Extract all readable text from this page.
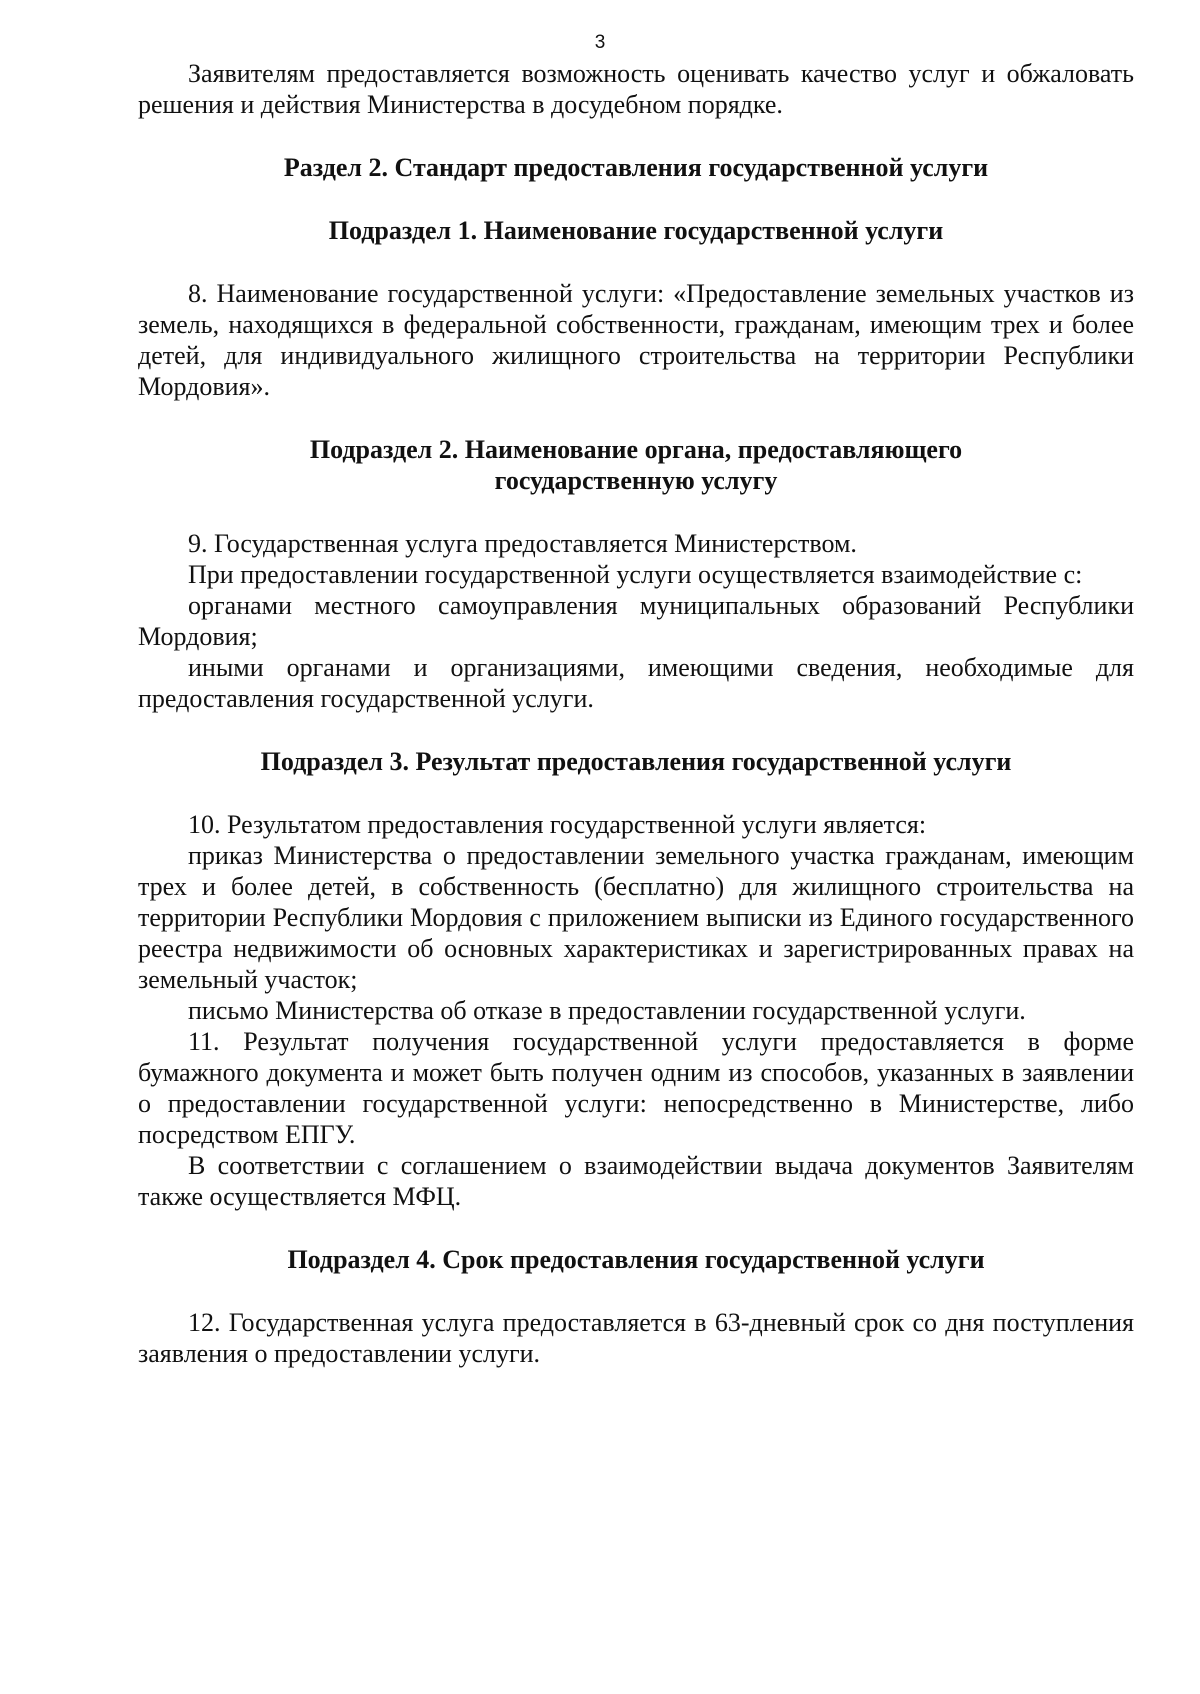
3

Заявителям предоставляется возможность оценивать качество услуг и обжаловать решения и действия Министерства в досудебном порядке.

Раздел 2. Стандарт предоставления государственной услуги
Подраздел 1. Наименование государственной услуги

8. Наименование государственной услуги: «Предоставление земельных участков из земель, находящихся в федеральной собственности, гражданам, имеющим трех и более детей, для индивидуального жилищного строительства на территории Республики Мордовия».

Подраздел 2. Наименование органа, предоставляющего
государственную услугу

9. Государственная услуга предоставляется Министерством.

При предоставлении государственной услуги осуществляется взаимодействие с:

органами местного самоуправления муниципальных образований Республики Мордовия;

иными органами и организациями, имеющими сведения, необходимые для предоставления государственной услуги.

Подраздел 3. Результат предоставления государственной услуги

10. Результатом предоставления государственной услуги является:

приказ Министерства о предоставлении земельного участка гражданам, имеющим трех и более детей, в собственность (бесплатно) для жилищного строительства на территории Республики Мордовия с приложением выписки из Единого государственного реестра недвижимости об основных характеристиках и зарегистрированных правах на земельный участок;

письмо Министерства об отказе в предоставлении государственной услуги.

11. Результат получения государственной услуги предоставляется в форме бумажного документа и может быть получен одним из способов, указанных в заявлении о предоставлении государственной услуги: непосредственно в Министерстве, либо посредством ЕПГУ.

В соответствии с соглашением о взаимодействии выдача документов Заявителям также осуществляется МФЦ.

Подраздел 4. Срок предоставления государственной услуги

12. Государственная услуга предоставляется в 63-дневный срок со дня поступления заявления о предоставлении услуги.
